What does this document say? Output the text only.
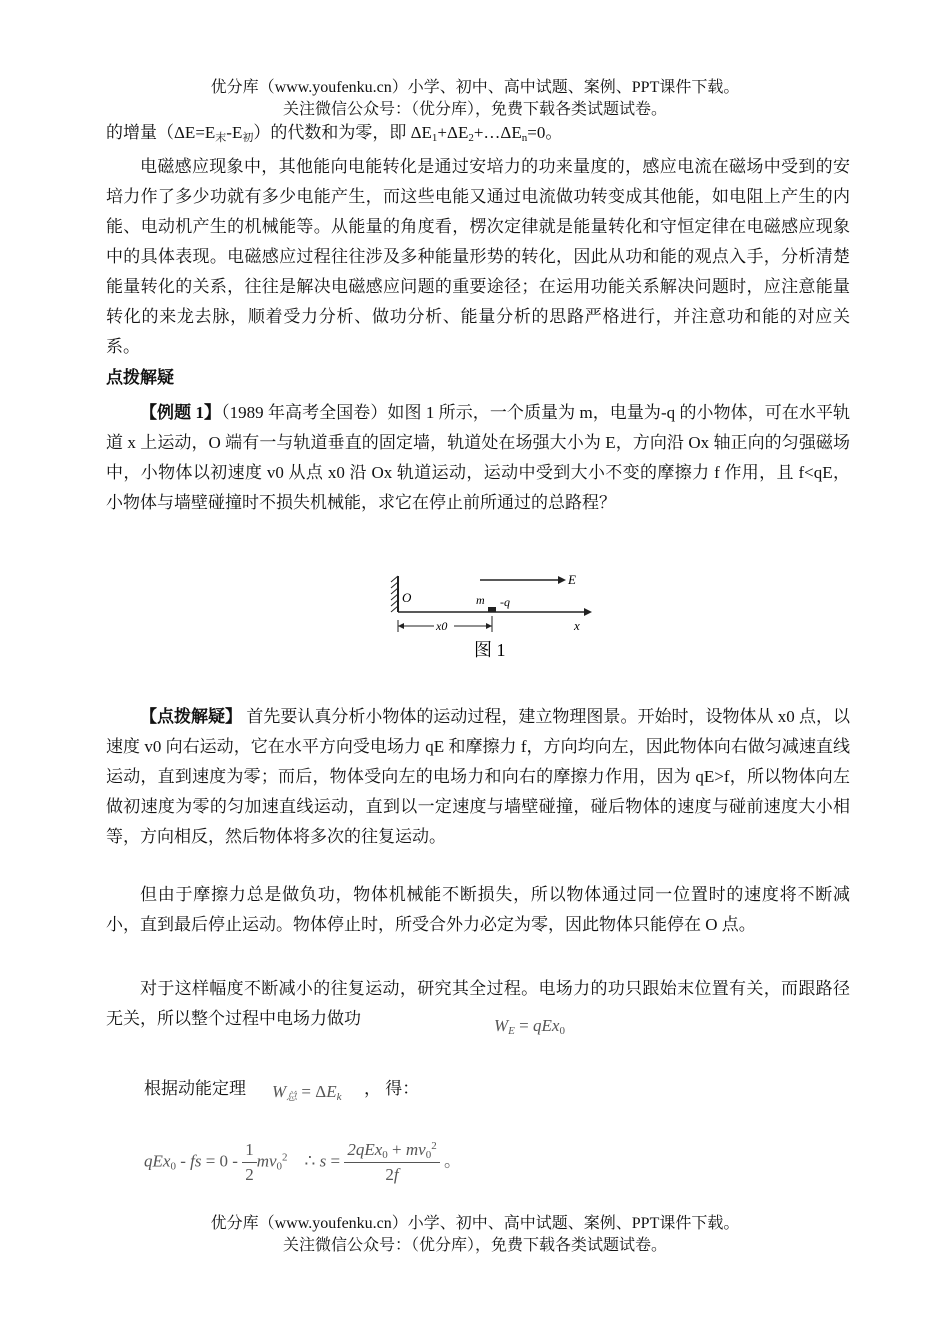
优分库（www.youfenku.cn）小学、初中、高中试题、案例、PPT课件下载。
关注微信公众号：（优分库），免费下载各类试题试卷。
的增量$(\Delta E=E_末-E_初)$的代数和为零，即 $\Delta E_1+\Delta E_2+\dots\Delta E_n=0$。
电磁感应现象中，其他能向电能转化是通过安培力的功来量度的，感应电流在磁场中受到的安培力作了多少功就有多少电能产生，而这些电能又通过电流做功转变成其他能，如电阻上产生的内能、电动机产生的机械能等。从能量的角度看，楞次定律就是能量转化和守恒定律在电磁感应现象中的具体表现。电磁感应过程往往涉及多种能量形势的转化，因此从功和能的观点入手，分析清楚能量转化的关系，往往是解决电磁感应问题的重要途径；在运用功能关系解决问题时，应注意能量转化的来龙去脉，顺着受力分析、做功分析、能量分析的思路严格进行，并注意功和能的对应关系。
点拨解疑
【例题 1】（1989 年高考全国卷）如图 1 所示，一个质量为 m，电量为-q 的小物体，可在水平轨道 x 上运动，O 端有一与轨道垂直的固定墙，轨道处在场强大小为 E，方向沿 Ox 轴正向的匀强磁场中，小物体以初速度 v0 从点 x0 沿 Ox 轨道运动，运动中受到大小不变的摩擦力 f 作用，且 f<qE，小物体与墙壁碰撞时不损失机械能，求它在停止前所通过的总路程？
E
O	m -q
x
x0
图 1
【点拨解疑】 首先要认真分析小物体的运动过程，建立物理图景。开始时，设物体从 x0 点，以速度 v0 向右运动，它在水平方向受电场力 qE 和摩擦力 f，方向均向左，因此物体向右做匀减速直线运动，直到速度为零；而后，物体受向左的电场力和向右的摩擦力作用，因为 qE>f，所以物体向左做初速度为零的匀加速直线运动，直到以一定速度与墙壁碰撞，碰后物体的速度与碰前速度大小相等，方向相反，然后物体将多次的往复运动。
但由于摩擦力总是做负功，物体机械能不断损失，所以物体通过同一位置时的速度将不断减小，直到最后停止运动。物体停止时，所受合外力必定为零，因此物体只能停在 O 点。
对于这样幅度不断减小的往复运动，研究其全过程。电场力的功只跟始末位置有关，而跟路径无关，所以整个过程中电场力做功	$W_E = qEx_0$
根据动能定理 $W_总 = \Delta E_k$ ， 得：
qEx$_0$ - fs = $0 - \frac{1}{2} mv_0^2$ ∴ $s = \frac{2qEx_0 + mv_0^2}{2f}$ 。
优分库（www.youfenku.cn）小学、初中、高中试题、案例、PPT课件下载。
关注微信公众号：（优分库），免费下载各类试题试卷。
